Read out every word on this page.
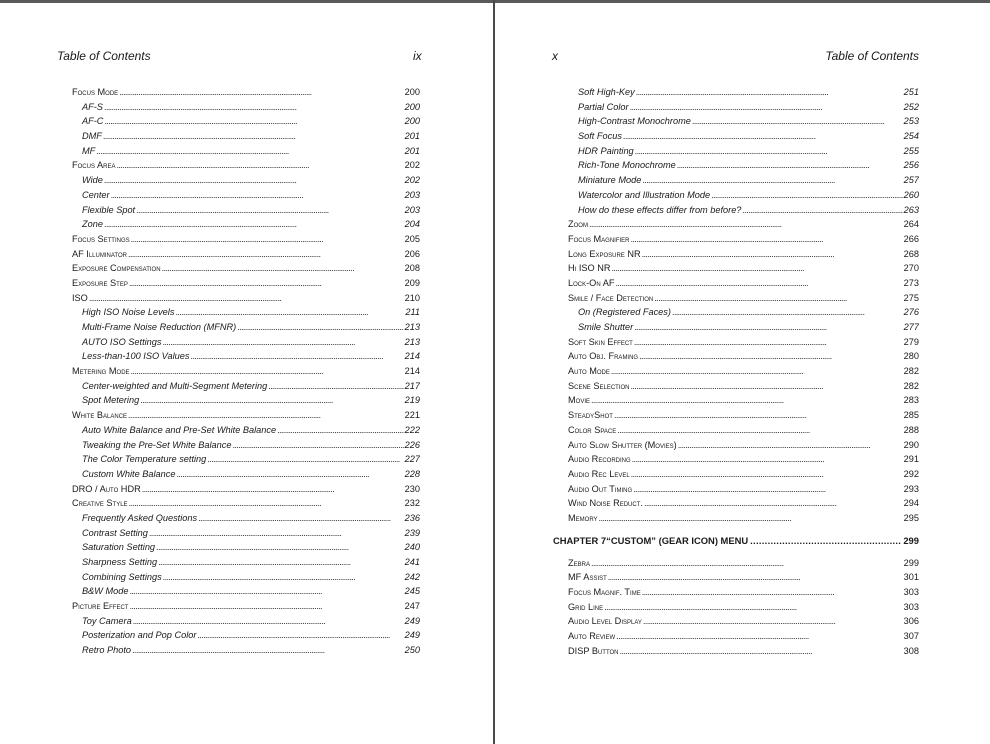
Table of Contents	ix
Focus Mode . . .	200
AF-S . . .	200
AF-C . . .	200
DMF . . .	201
MF . . .	201
Focus Area . . .	202
Wide . . .	202
Center . . .	203
Flexible Spot . . .	203
Zone . . .	204
Focus Settings . . .	205
AF Illuminator . . .	206
Exposure Compensation . . .	208
Exposure Step . . .	209
ISO . . .	210
High ISO Noise Levels . . .	211
Multi-Frame Noise Reduction (MFNR) . . .	213
AUTO ISO Settings . . .	213
Less-than-100 ISO Values . . .	214
Metering Mode . . .	214
Center-weighted and Multi-Segment Metering . . .	217
Spot Metering . . .	219
White Balance . . .	221
Auto White Balance and Pre-Set White Balance . . .	222
Tweaking the Pre-Set White Balance . . .	226
The Color Temperature setting . . .	227
Custom White Balance . . .	228
DRO / Auto HDR . . .	230
Creative Style . . .	232
Frequently Asked Questions . . .	236
Contrast Setting . . .	239
Saturation Setting . . .	240
Sharpness Setting . . .	241
Combining Settings . . .	242
B&W Mode . . .	245
Picture Effect . . .	247
Toy Camera . . .	249
Posterization and Pop Color . . .	249
Retro Photo . . .	250
x	Table of Contents
Soft High-Key . . .	251
Partial Color . . .	252
High-Contrast Monochrome . . .	253
Soft Focus . . .	254
HDR Painting . . .	255
Rich-Tone Monochrome . . .	256
Miniature Mode . . .	257
Watercolor and Illustration Mode . . .	260
How do these effects differ from before? . . .	263
Zoom . . .	264
Focus Magnifier . . .	266
Long Exposure NR . . .	268
Hi ISO NR . . .	270
Lock-On AF . . .	273
Smile / Face Detection . . .	275
On (Registered Faces) . . .	276
Smile Shutter . . .	277
Soft Skin Effect . . .	279
Auto Obj. Framing . . .	280
Auto Mode . . .	282
Scene Selection . . .	282
Movie . . .	283
SteadyShot . . .	285
Color Space . . .	288
Auto Slow Shutter (Movies) . . .	290
Audio Recording . . .	291
Audio Rec Level . . .	292
Audio Out Timing . . .	293
Wind Noise Reduct. . . .	294
Memory . . .	295
CHAPTER 7 “CUSTOM” (GEAR ICON) MENU .....	299
Zebra . . .	299
MF Assist . . .	301
Focus Magnif. Time . . .	303
Grid Line . . .	303
Audio Level Display . . .	306
Auto Review . . .	307
DISP Button . . .	308
